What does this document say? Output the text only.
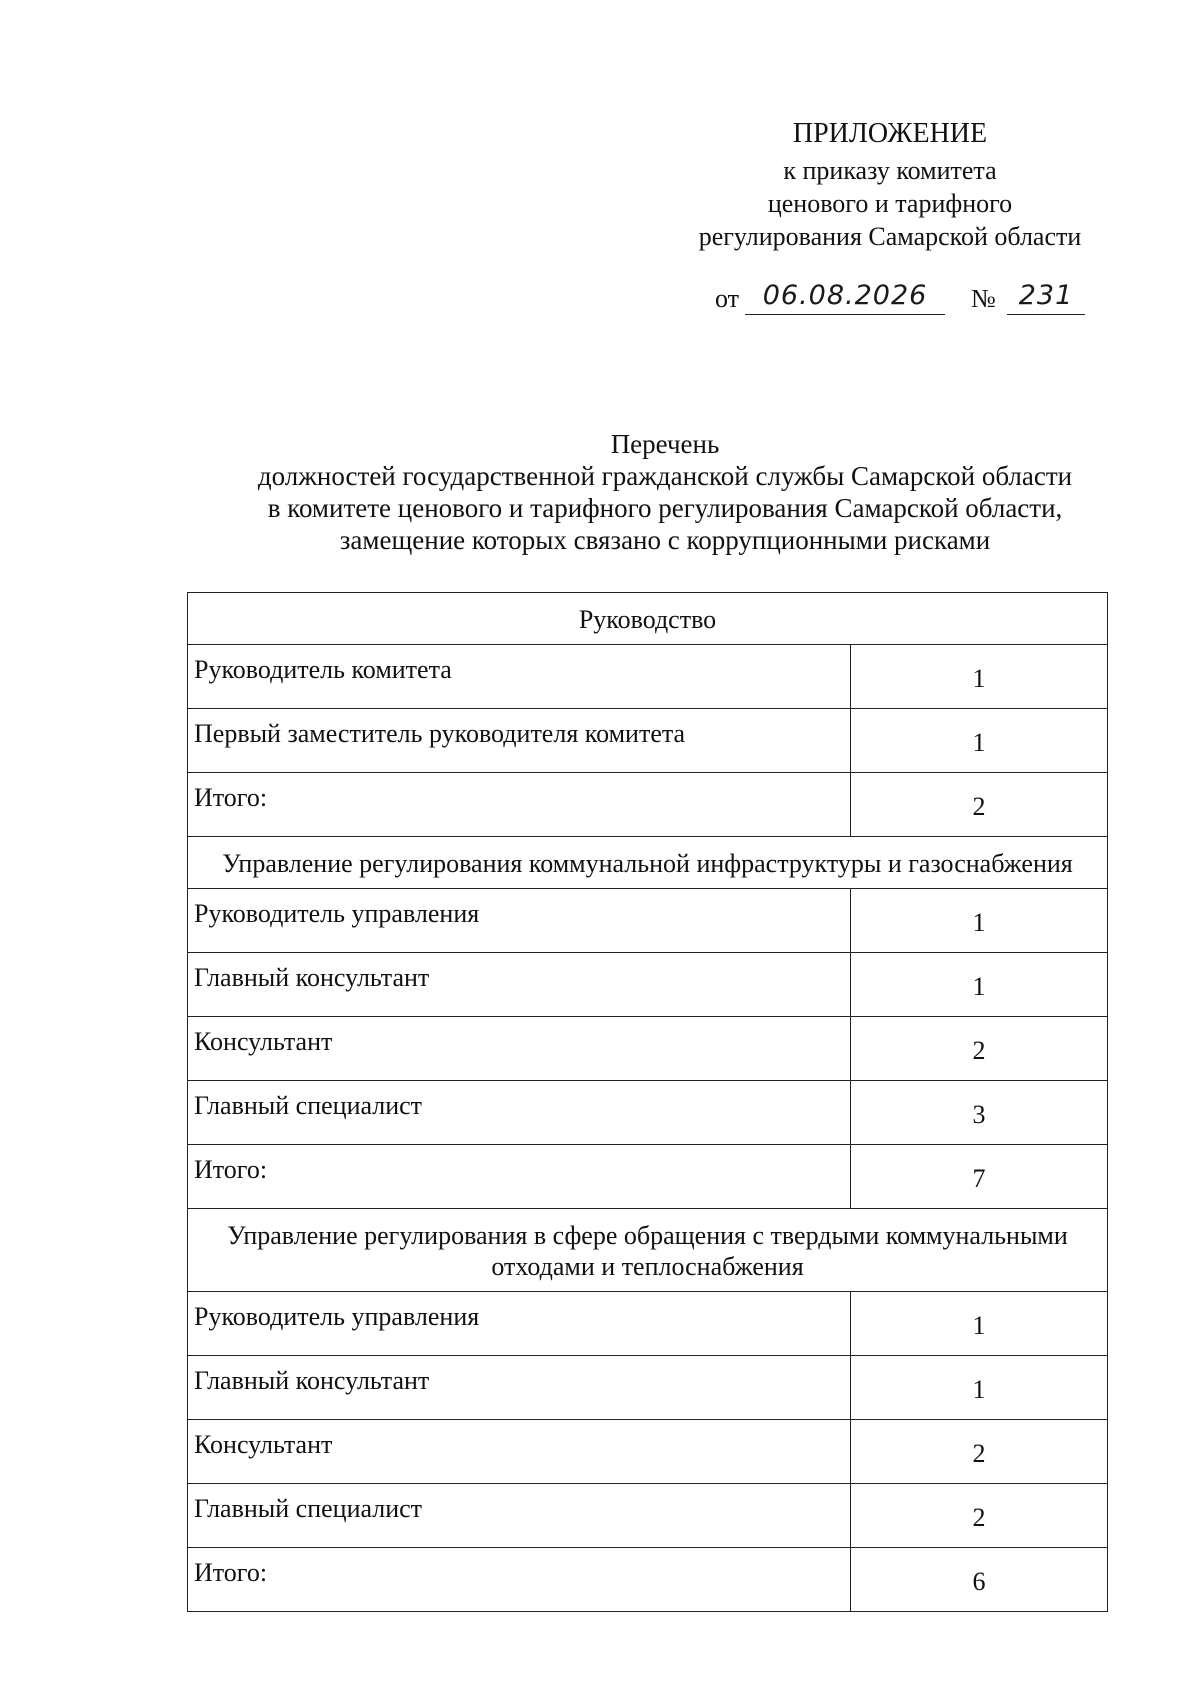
ПРИЛОЖЕНИЕ
к приказу комитета
ценового и тарифного
регулирования Самарской области
от 06.08.2026	№ 231
Перечень
должностей государственной гражданской службы Самарской области
в комитете ценового и тарифного регулирования Самарской области,
замещение которых связано с коррупционными рисками
Руководство	
Руководитель комитета	1
Первый заместитель руководителя комитета	1
Итого:	2
Управление регулирования коммунальной инфраструктуры и газоснабжения	
Руководитель управления	1
Главный консультант	1
Консультант	2
Главный специалист	3
Итого:	7
Управление регулирования в сфере обращения с твердыми коммунальными отходами и теплоснабжения	
Руководитель управления	1
Главный консультант	1
Консультант	2
Главный специалист	2
Итого:	6
